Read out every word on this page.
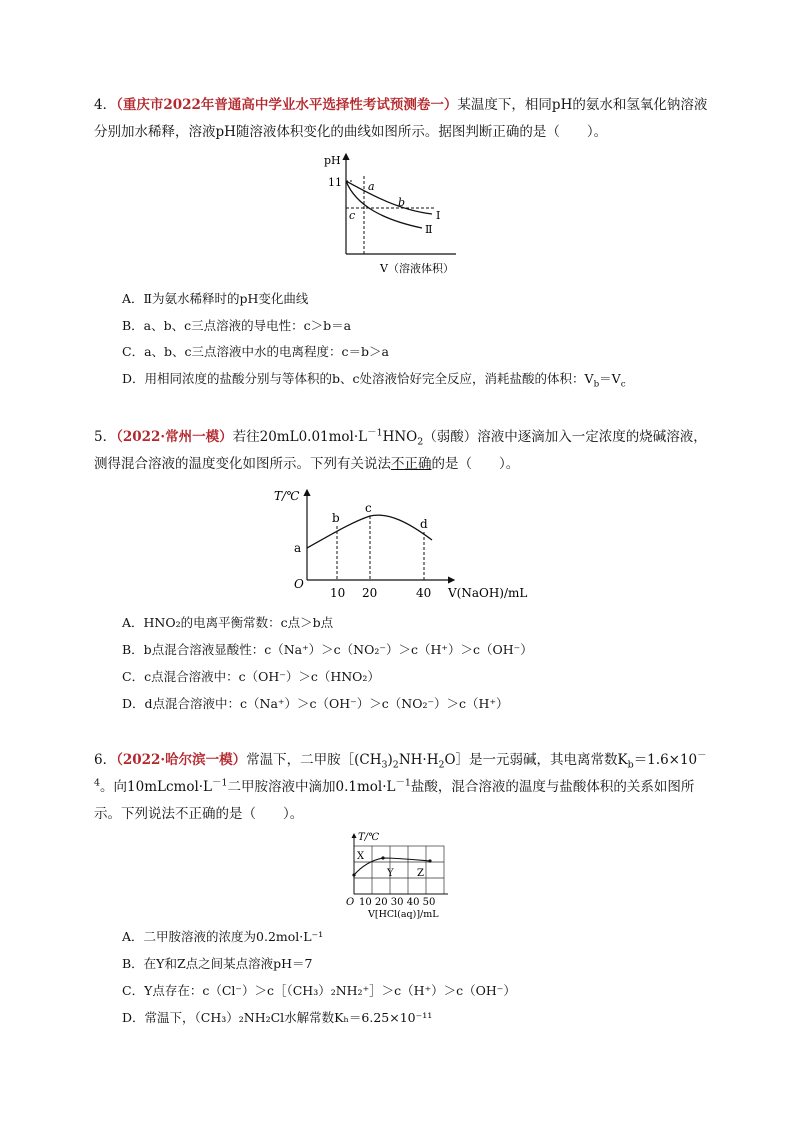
4．（重庆市2022年普通高中学业水平选择性考试预测卷一）某温度下，相同pH的氨水和氢氧化钠溶液分别加水稀释，溶液pH随溶液体积变化的曲线如图所示。据图判断正确的是（　　）。
pH
11 a
b
c	Ⅰ
Ⅱ
V（溶液体积）
A．Ⅱ为氨水稀释时的pH变化曲线
B．a、b、c三点溶液的导电性：c＞b＝a
C．a、b、c三点溶液中水的电离程度：c＝b＞a
D．用相同浓度的盐酸分别与等体积的b、c处溶液恰好完全反应，消耗盐酸的体积：$V_b=V_c$
5．（2022·常州一模）若往$20mL0.01mol\cdot L^{-1}HNO_2$（弱酸）溶液中逐滴加入一定浓度的烧碱溶液，测得混合溶液的温度变化如图所示。下列有关说法不正确的是（　　）。
T/℃
O
a
b
c
d
10 20	40 V(NaOH)/mL
A．HNO₂的电离平衡常数：c点＞b点
B．b点混合溶液显酸性：c（Na⁺）＞c（NO₂⁻）＞c（H⁺）＞c（OH⁻）
C．c点混合溶液中：c（OH⁻）＞c（HNO₂）
D．d点混合溶液中：c（Na⁺）＞c（OH⁻）＞c（NO₂⁻）＞c（H⁺）
6．（2022·哈尔滨一模）常温下，二甲胺$[(CH_3)_2NH\cdot H_2O]$是一元弱碱，其电离常数$K_b=1.6\times 10^{-4}$。向$10mLcmol\cdot L^{-1}$二甲胺溶液中滴加$0.1mol\cdot L^{-1}$盐酸，混合溶液的温度与盐酸体积的关系如图所示。下列说法不正确的是（　　）。
T/℃
X
Y Z
O 10 20 30 40 50
V[HCl(aq)]/mL
A．二甲胺溶液的浓度为0.2mol·L⁻¹
B．在Y和Z点之间某点溶液pH＝7
C．Y点存在：c（Cl⁻）＞c［（CH₃）₂NH₂⁺］＞c（H⁺）＞c（OH⁻）
D．常温下，（CH₃）₂NH₂Cl水解常数Kₕ＝6.25×10⁻¹¹
